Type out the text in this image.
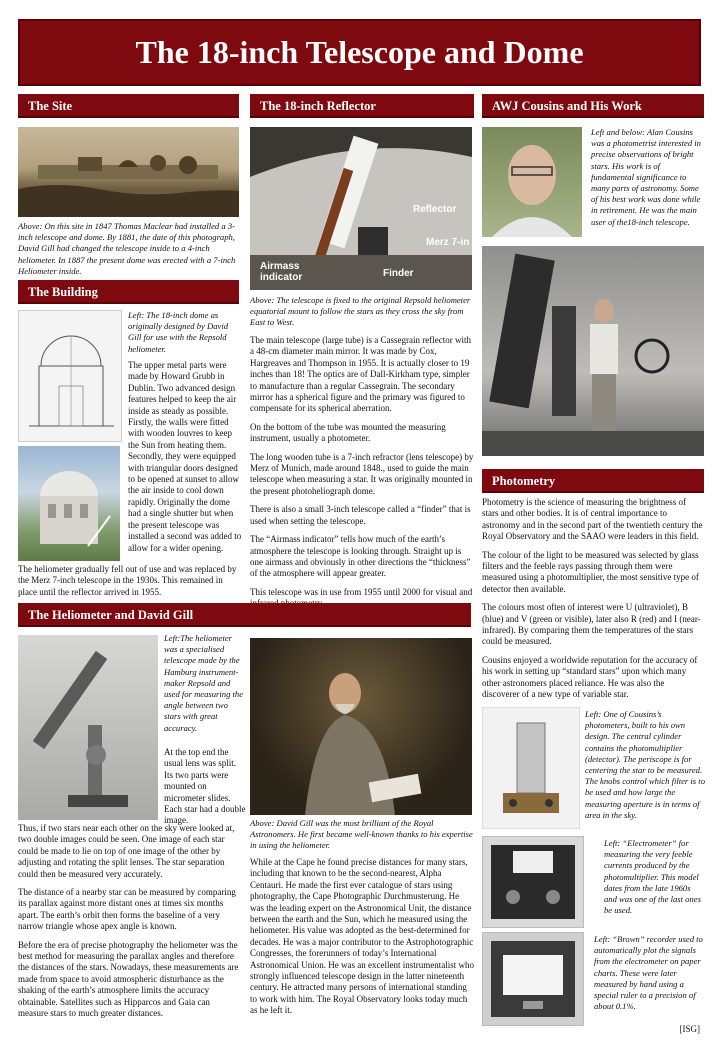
The 18-inch Telescope and Dome
The Site
Above: On this site in 1847 Thomas Maclear had installed a 3-inch telescope and dome. By 1881, the date of this photograph, David Gill had changed the telescope inside to a 4-inch heliometer. In 1887 the present dome was erected with a 7-inch Heliometer inside.
The Building
Left: The 18-inch dome as originally designed by David Gill for use with the Repsold heliometer.
The upper metal parts were made by Howard Grubb in Dublin. Two advanced design features helped to keep the air inside as steady as possible. Firstly, the walls were fitted with wooden louvres to keep the Sun from heating them. Secondly, they were equipped with triangular doors designed to be opened at sunset to allow the air inside to cool down rapidly. Originally the dome had a single shutter but when the present telescope was installed a second was added to allow for a wider opening.
The heliometer gradually fell out of use and was replaced by the Merz 7-inch telescope in the 1930s. This remained in place until the reflector arrived in 1955.
The 18-inch Reflector
Reflector
Merz 7-in
Airmass indicator	Finder
Above: The telescope is fixed to the original Repsold heliometer equatorial mount to follow the stars as they cross the sky from East to West.

The main telescope (large tube) is a Cassegrain reflector with a 48-cm diameter main mirror. It was made by Cox, Hargreaves and Thompson in 1955. It is actually closer to 19 inches than 18! The optics are of Dall-Kirkham type, simpler to manufacture than a regular Cassegrain. The secondary mirror has a spherical figure and the primary was figured to compensate for its spherical aberration.

On the bottom of the tube was mounted the measuring instrument, usually a photometer.

The long wooden tube is a 7-inch refractor (lens telescope) by Merz of Munich, made around 1848., used to guide the main telescope when measuring a star. It was originally mounted in the present photoheliograph dome.

There is also a small 3-inch telescope called a “finder” that is used when setting the telescope.

The “Airmass indicator” tells how much of the earth’s atmosphere the telescope is looking through. Straight up is one airmass and obviously in other directions the “thickness” of the atmosphere will appear greater.

This telescope was in use from 1955 until 2000 for visual and

AWJ Cousins and His Work
Left and below: Alan Cousins was a photometrist interested in precise observations of bright stars. His work is of fundamental significance to many parts of astronomy. Some of his best work was done while in retirement. He was the main user of the18-inch telescope.
Photometry

Photometry is the science of measuring the brightness of stars and other bodies. It is of central importance to astronomy and in the second part of the twentieth century the Royal Observatory and the SAAO were leaders in this field.

The colour of the light to be measured was selected by glass filters and the feeble rays passing through them were measured using a photomultiplier, the most sensitive type of detector then available.

The colours most often of interest were U (ultraviolet), B (blue) and V (green or visible), later also R (red) and I (near-infrared). By comparing them the temperatures of the stars could be measured.

Cousins enjoyed a worldwide reputation for the accuracy of his work in setting up “standard stars” upon which many other astronomers placed reliance. He was also the discoverer of a new type of variable star.

Left: One of Cousins’s photometers, built to his own design. The central cylinder contains the photomultiplier (detector). The periscope is for centering the star to be measured. The knobs control which filter is to be used and how large the measuring aperture is in terms of area in the sky.
Left: “Electrometer” for measuring the very feeble currents produced by the photomultiplier. This model dates from the late 1960s and was one of the last ones be used.
Left: “Brown” recorder used to automatically plot the signals from the electrometer on paper charts. These were later measured by hand using a special ruler to a precision of about 0.1%.
The Heliometer and David Gill
Left:The heliometer was a specialised telescope made by the Hamburg instrument-maker Repsold and used for measuring the angle between two stars with great accuracy.
At the top end the usual lens was split. Its two parts were mounted on micrometer slides. Each star had a double image.

Thus, if two stars near each other on the sky were looked at, two double images could be seen. One image of each star could be made to lie on top of one image of the other by adjusting and rotating the split lenses. The star separation could then be measured very accurately.

The distance of a nearby star can be measured by comparing its parallax against more distant ones at times six months apart. The earth’s orbit then forms the baseline of a very narrow triangle whose apex angle is known.

Before the era of precise photography the heliometer was the best method for measuring the parallax angles and therefore the distances of the stars. Nowadays, these measurements are made from space to avoid atmospheric disturbance as the shaking of the earth’s atmosphere limits the accuracy obtainable. Satellites such as Hipparcos and Gaia can measure stars to much greater distances.

Above: David Gill was the most brilliant of the Royal Astronomers. He first became well-known thanks to his expertise in using the heliometer.
While at the Cape he found precise distances for many stars, including that known to be the second-nearest, Alpha Centauri. He made the first ever catalogue of stars using photography, the Cape Photographic Durchmusterung. He was the leading expert on the Astronomical Unit, the distance between the earth and the Sun, which he measured using the heliometer. His value was adopted as the best-determined for decades. He was a major contributor to the Astrophotographic Congresses, the forerunners of today’s International Astronomical Union. He was an excellent instrumentalist who strongly influenced telescope design in the latter nineteenth century. He attracted many persons of international standing to work with him. The Royal Observatory looks today much as he left it.
[ISG]
